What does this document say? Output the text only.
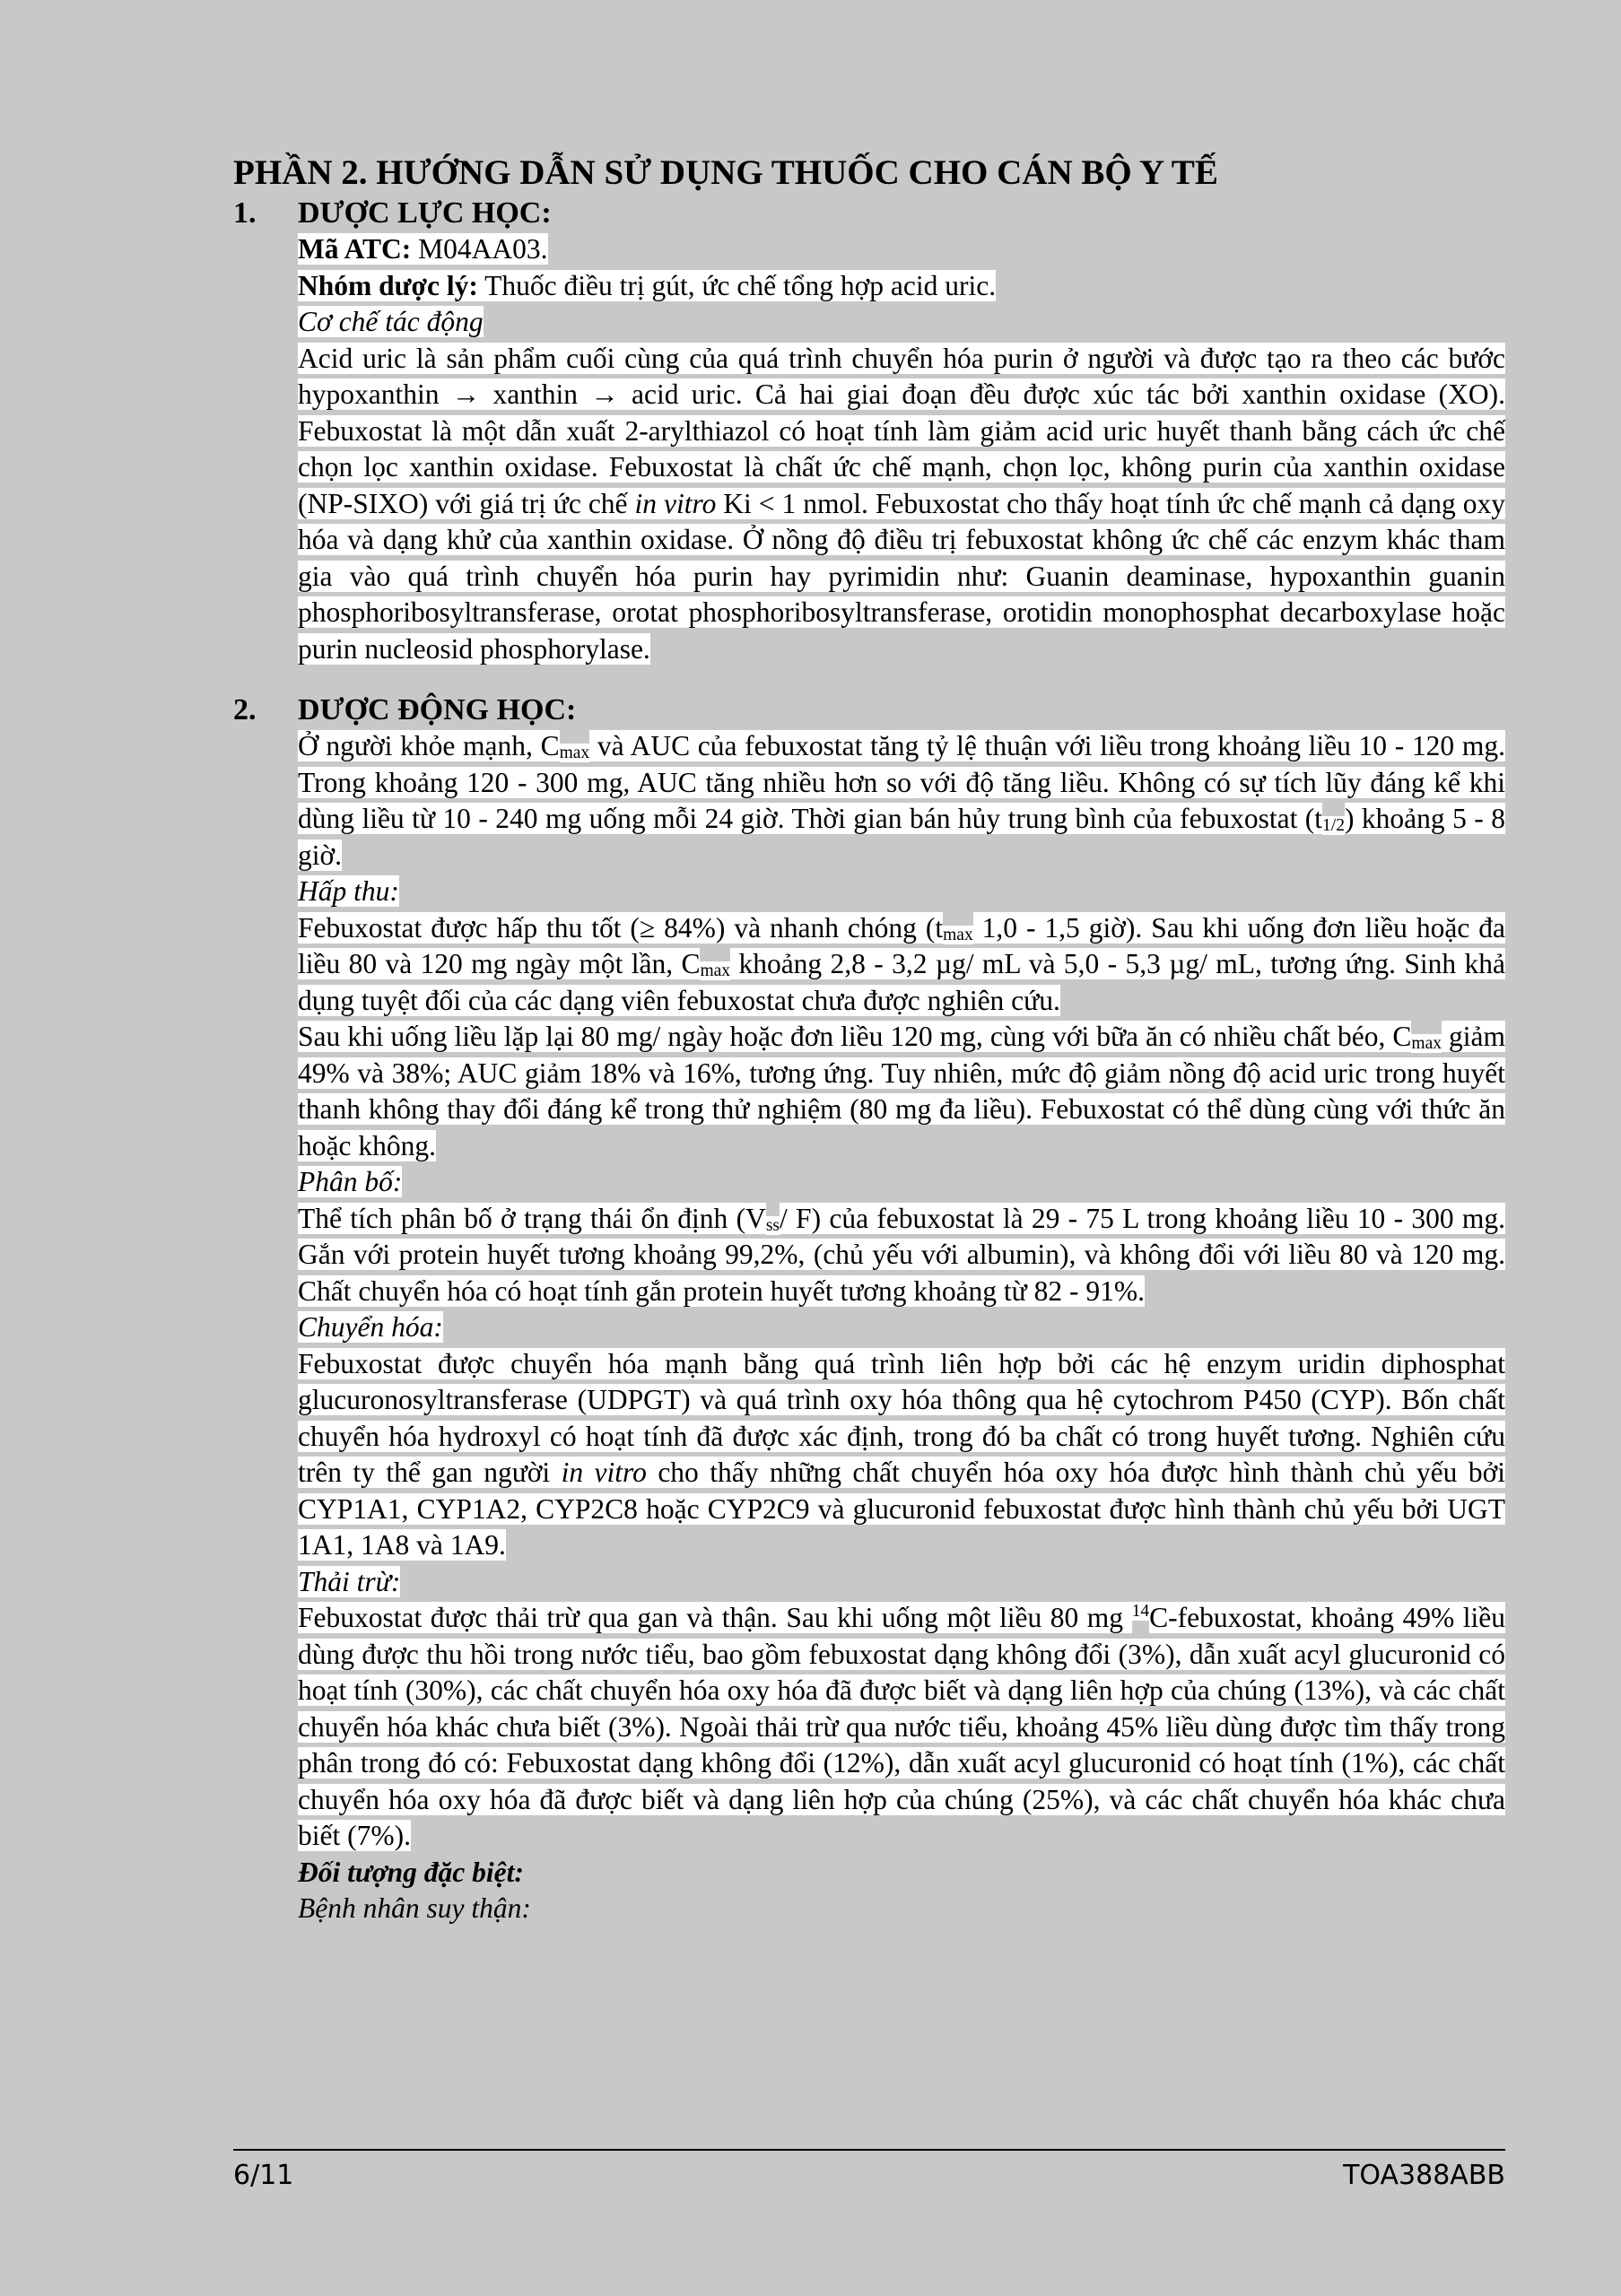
PHẦN 2. HƯỚNG DẪN SỬ DỤNG THUỐC CHO CÁN BỘ Y TẾ
1. DƯỢC LỰC HỌC:

Mã ATC: M04AA03.

Nhóm dược lý: Thuốc điều trị gút, ức chế tổng hợp acid uric.

Cơ chế tác động

Acid uric là sản phẩm cuối cùng của quá trình chuyển hóa purin ở người và được tạo ra theo các bước hypoxanthin → xanthin → acid uric. Cả hai giai đoạn đều được xúc tác bởi xanthin oxidase (XO). Febuxostat là một dẫn xuất 2-arylthiazol có hoạt tính làm giảm acid uric huyết thanh bằng cách ức chế chọn lọc xanthin oxidase. Febuxostat là chất ức chế mạnh, chọn lọc, không purin của xanthin oxidase (NP-SIXO) với giá trị ức chế in vitro Ki < 1 nmol. Febuxostat cho thấy hoạt tính ức chế mạnh cả dạng oxy hóa và dạng khử của xanthin oxidase. Ở nồng độ điều trị febuxostat không ức chế các enzym khác tham gia vào quá trình chuyển hóa purin hay pyrimidin như: Guanin deaminase, hypoxanthin guanin phosphoribosyltransferase, orotat phosphoribosyltransferase, orotidin monophosphat decarboxylase hoặc purin nucleosid phosphorylase.

2. DƯỢC ĐỘNG HỌC:

Ở người khỏe mạnh, $C_{max}$ và AUC của febuxostat tăng tỷ lệ thuận với liều trong khoảng liều 10 - 120 mg. Trong khoảng 120 - 300 mg, AUC tăng nhiều hơn so với độ tăng liều. Không có sự tích lũy đáng kể khi dùng liều từ 10 - 240 mg uống mỗi 24 giờ. Thời gian bán hủy trung bình của febuxostat $(t_{1/2})$ khoảng 5 - 8 giờ.

Hấp thu:

Febuxostat được hấp thu tốt (≥ 84%) và nhanh chóng ($t_{max}$ 1,0 - 1,5 giờ). Sau khi uống đơn liều hoặc đa liều 80 và 120 mg ngày một lần, $C_{max}$ khoảng 2,8 - 3,2 µg/ mL và 5,0 - 5,3 µg/ mL, tương ứng. Sinh khả dụng tuyệt đối của các dạng viên febuxostat chưa được nghiên cứu.

Sau khi uống liều lặp lại 80 mg/ ngày hoặc đơn liều 120 mg, cùng với bữa ăn có nhiều chất béo, $C_{max}$ giảm 49% và 38%; AUC giảm 18% và 16%, tương ứng. Tuy nhiên, mức độ giảm nồng độ acid uric trong huyết thanh không thay đổi đáng kể trong thử nghiệm (80 mg đa liều). Febuxostat có thể dùng cùng với thức ăn hoặc không.

Phân bố:

Thể tích phân bố ở trạng thái ổn định ($V_{ss}/$ F) của febuxostat là 29 - 75 L trong khoảng liều 10 - 300 mg. Gắn với protein huyết tương khoảng 99,2%, (chủ yếu với albumin), và không đổi với liều 80 và 120 mg. Chất chuyển hóa có hoạt tính gắn protein huyết tương khoảng từ 82 - 91%.

Chuyển hóa:

Febuxostat được chuyển hóa mạnh bằng quá trình liên hợp bởi các hệ enzym uridin diphosphat glucuronosyltransferase (UDPGT) và quá trình oxy hóa thông qua hệ cytochrom P450 (CYP). Bốn chất chuyển hóa hydroxyl có hoạt tính đã được xác định, trong đó ba chất có trong huyết tương. Nghiên cứu trên ty thể gan người in vitro cho thấy những chất chuyển hóa oxy hóa được hình thành chủ yếu bởi CYP1A1, CYP1A2, CYP2C8 hoặc CYP2C9 và glucuronid febuxostat được hình thành chủ yếu bởi UGT 1A1, 1A8 và 1A9.

Thải trừ:

Febuxostat được thải trừ qua gan và thận. Sau khi uống một liều 80 mg $^{14}$C-febuxostat, khoảng 49% liều dùng được thu hồi trong nước tiểu, bao gồm febuxostat dạng không đổi (3%), dẫn xuất acyl glucuronid có hoạt tính (30%), các chất chuyển hóa oxy hóa đã được biết và dạng liên hợp của chúng (13%), và các chất chuyển hóa khác chưa biết (3%). Ngoài thải trừ qua nước tiểu, khoảng 45% liều dùng được tìm thấy trong phân trong đó có: Febuxostat dạng không đổi (12%), dẫn xuất acyl glucuronid có hoạt tính (1%), các chất chuyển hóa oxy hóa đã được biết và dạng liên hợp của chúng (25%), và các chất chuyển hóa khác chưa biết (7%).

Đối tượng đặc biệt:

Bệnh nhân suy thận:

6/11	TOA388ABB
